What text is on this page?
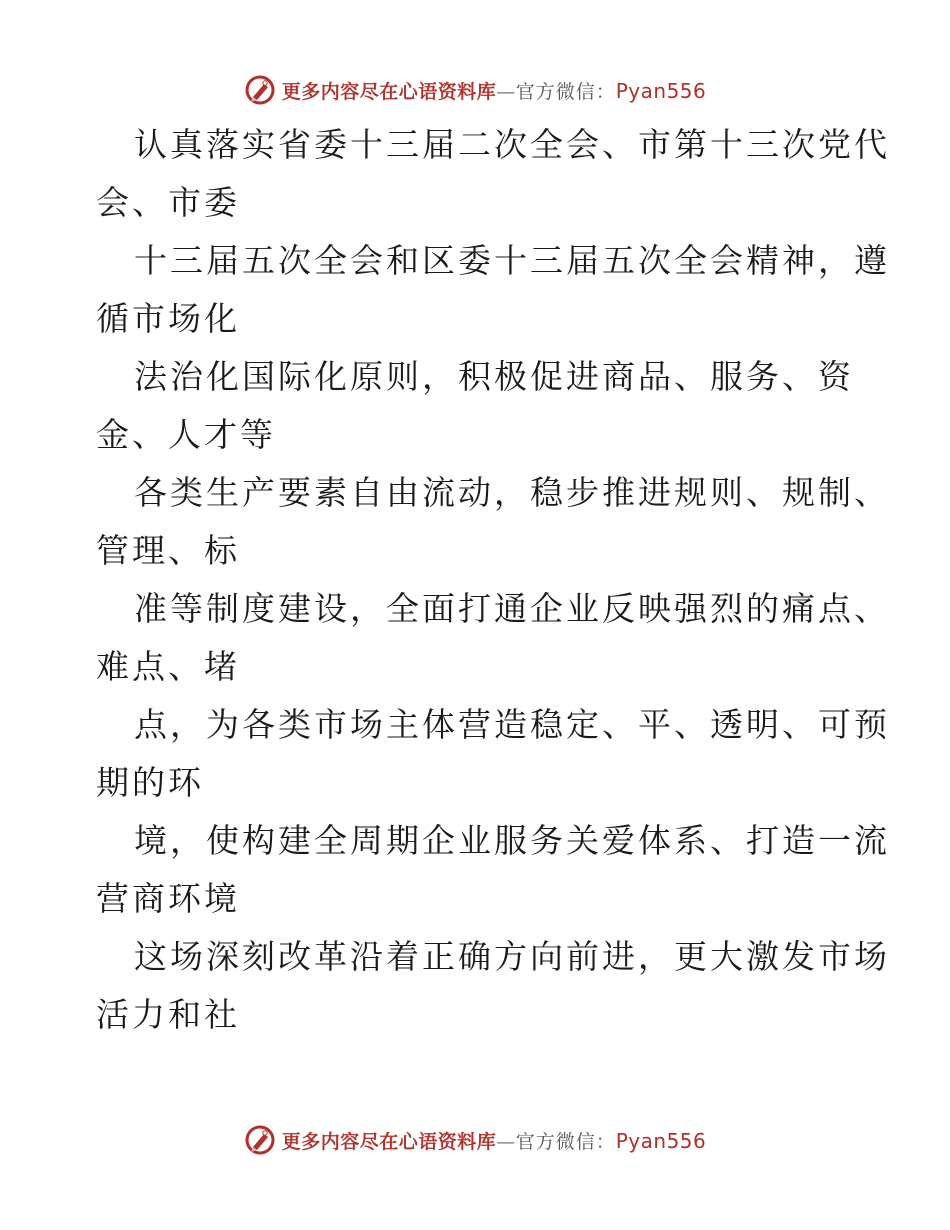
更多内容尽在心语资料库—官方微信：Pyan556
认真落实省委十三届二次全会、市第十三次党代
会、市委
十三届五次全会和区委十三届五次全会精神，遵
循市场化
法治化国际化原则，积极促进商品、服务、资
金、人才等
各类生产要素自由流动，稳步推进规则、规制、
管理、标
准等制度建设，全面打通企业反映强烈的痛点、
难点、堵
点，为各类市场主体营造稳定、平、透明、可预
期的环
境，使构建全周期企业服务关爱体系、打造一流
营商环境
这场深刻改革沿着正确方向前进，更大激发市场
活力和社
更多内容尽在心语资料库—官方微信：Pyan556
